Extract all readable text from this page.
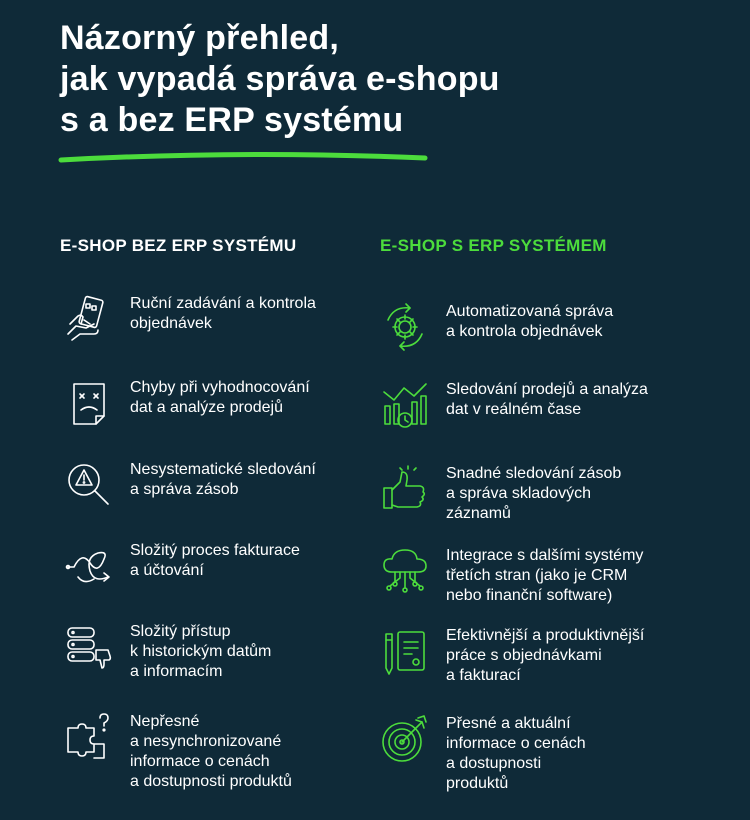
Názorný přehled,
jak vypadá správa e-shopu
s a bez ERP systému
E-SHOP BEZ ERP SYSTÉMU	E-SHOP S ERP SYSTÉMEM
Ruční zadávání a kontrola
objednávek
Chyby při vyhodnocování
dat a analýze prodejů
Nesystematické sledování
a správa zásob
Složitý proces fakturace
a účtování
Složitý přístup
k historickým datům
a informacím
Nepřesné
a nesynchronizované
informace o cenách
a dostupnosti produktů
Automatizovaná správa
a kontrola objednávek
Sledování prodejů a analýza
dat v reálném čase
Snadné sledování zásob
a správa skladových
záznamů
Integrace s dalšími systémy
třetích stran (jako je CRM
nebo finanční software)
Efektivnější a produktivnější
práce s objednávkami
a fakturací
Přesné a aktuální
informace o cenách
a dostupnosti
produktů
